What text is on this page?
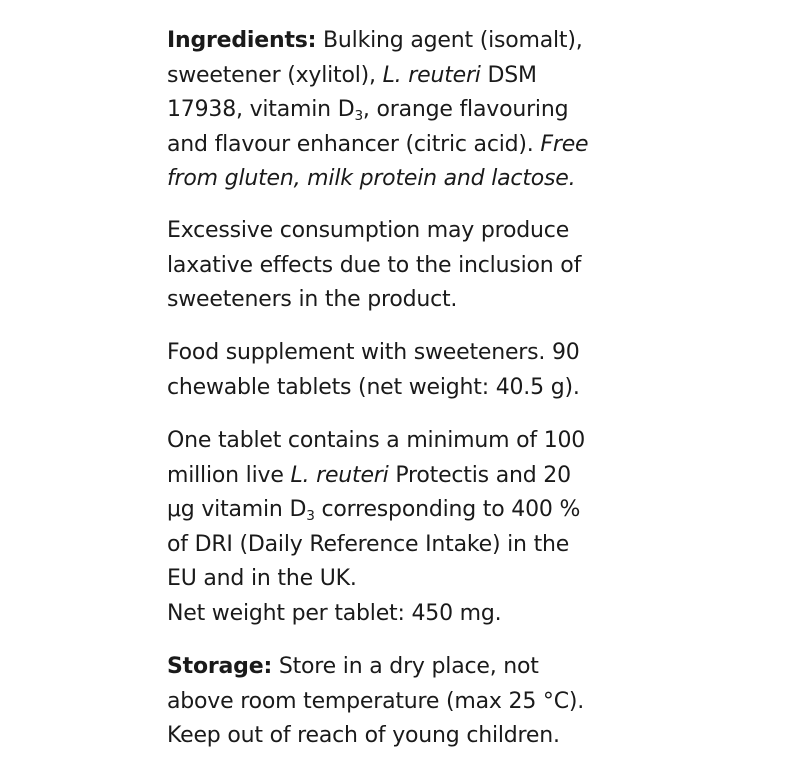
Ingredients: Bulking agent (isomalt),
sweetener (xylitol), L. reuteri DSM
17938, vitamin $D_3$, orange flavouring
and flavour enhancer (citric acid). Free
from gluten, milk protein and lactose.

Excessive consumption may produce
laxative effects due to the inclusion of
sweeteners in the product.

Food supplement with sweeteners. 90
chewable tablets (net weight: 40.5 g).

One tablet contains a minimum of 100
million live L. reuteri Protectis and 20
μg vitamin $D_3$ corresponding to 400 %
of DRI (Daily Reference Intake) in the
EU and in the UK.
Net weight per tablet: 450 mg.

Storage: Store in a dry place, not
above room temperature (max 25 °C).
Keep out of reach of young children.
